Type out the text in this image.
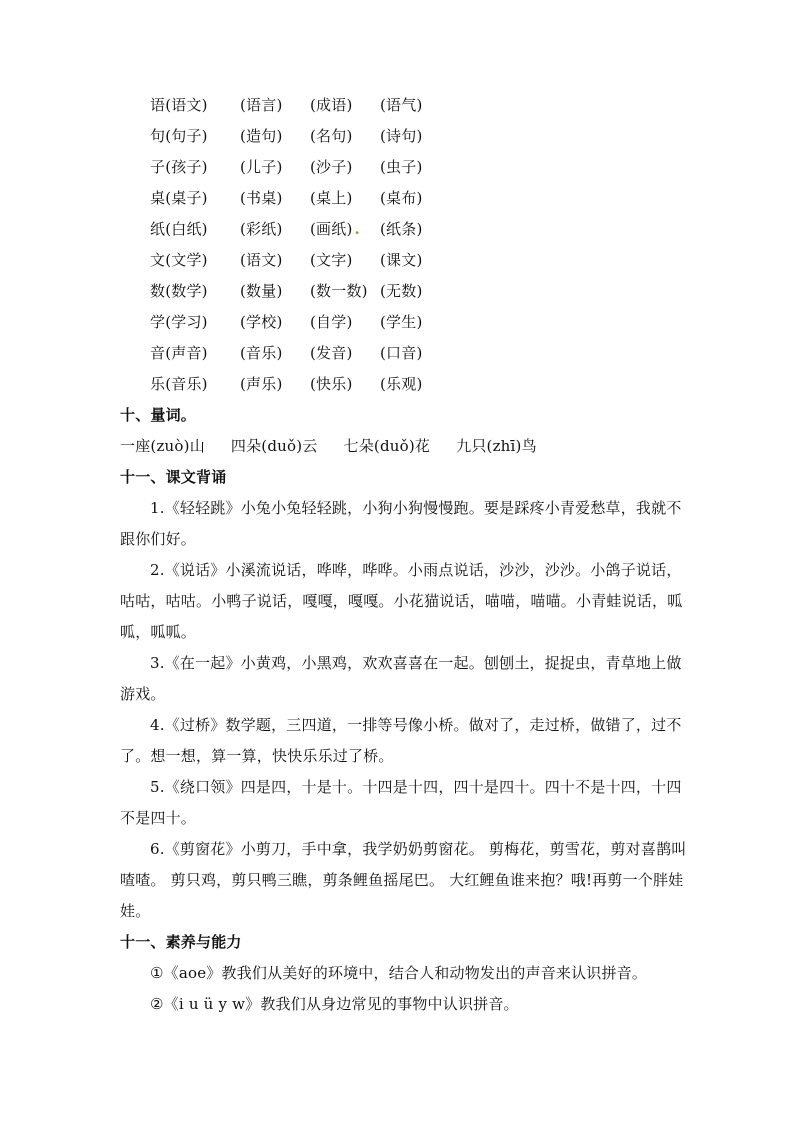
语(语文)	(语言)	(成语)	(语气)
句(句子)	(造句)	(名句)	(诗句)
子(孩子)	(儿子)	(沙子)	(虫子)
桌(桌子)	(书桌)	(桌上)	(桌布)
纸(白纸)	(彩纸)	(画纸) .	(纸条)
文(文学)	(语文)	(文字)	(课文)
数(数学)	(数量)	(数一数) (无数)
学(学习)	(学校)	(自学)	(学生)
音(声音)	(音乐)	(发音)	(口音)
乐(音乐)	(声乐)	(快乐)	(乐观)
十、量词。
一座(zuò)山 四朵(duǒ)云 七朵(duǒ)花 九只(zhī)鸟
十一、课文背诵

1.《轻轻跳》小兔小兔轻轻跳，小狗小狗慢慢跑。要是踩疼小青爱愁草，我就不跟你们好。

2.《说话》小溪流说话，哗哗，哗哗。小雨点说话，沙沙，沙沙。小鸽子说话，咕咕，咕咕。小鸭子说话，嘎嘎，嘎嘎。小花猫说话，喵喵，喵喵。小青蛙说话，呱呱，呱呱。

3.《在一起》小黄鸡，小黑鸡，欢欢喜喜在一起。刨刨土，捉捉虫，青草地上做游戏。

4.《过桥》数学题，三四道，一排等号像小桥。做对了，走过桥，做错了，过不了。想一想，算一算，快快乐乐过了桥。

5.《绕口领》四是四，十是十。十四是十四，四十是四十。四十不是十四，十四不是四十。

6.《剪窗花》小剪刀，手中拿，我学奶奶剪窗花。 剪梅花，剪雪花，剪对喜鹊叫喳喳。 剪只鸡，剪只鸭三瞧，剪条鲤鱼摇尾巴。 大红鲤鱼谁来抱？哦!再剪一个胖娃娃。

十一、素养与能力
①《aoe》教我们从美好的环境中，结合人和动物发出的声音来认识拼音。
②《i u ü y w》教我们从身边常见的事物中认识拼音。
